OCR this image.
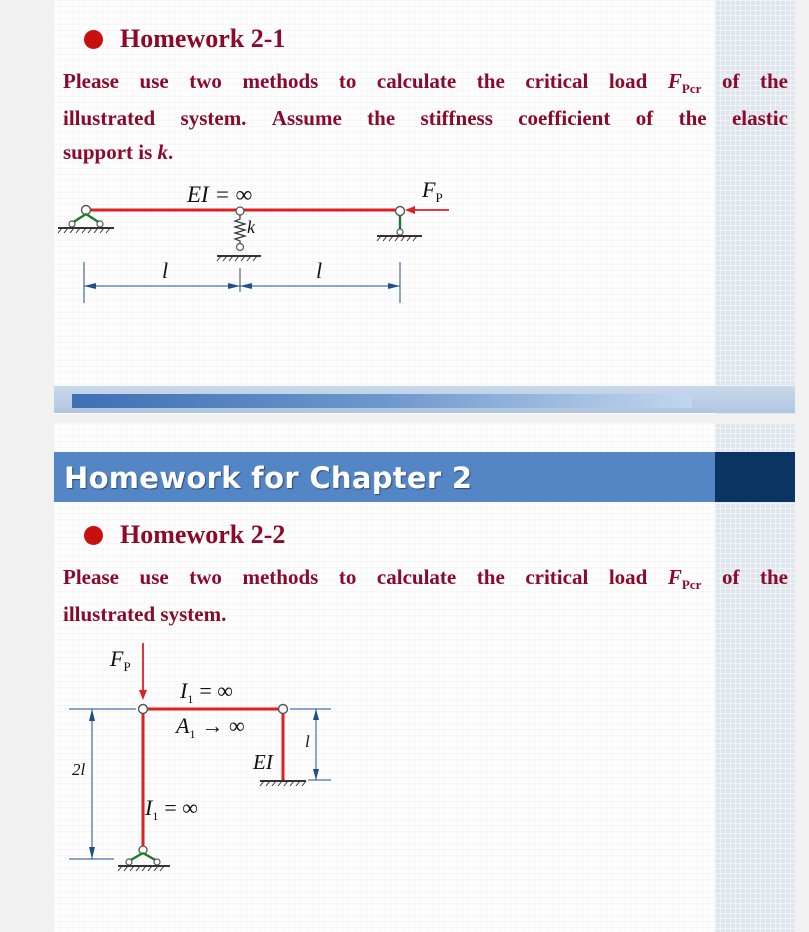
Homework 2-1
Please use two methods to calculate the critical load $F_{Pcr}$ of the
illustrated system. Assume the stiffness coefficient of the elastic
support is k.
EI = ∞	$F_P$
k
l	l
Homework for Chapter 2
Homework 2-2
Please use two methods to calculate the critical load $F_{Pcr}$ of the
illustrated system.
$F_P$
$I_1$ = ∞
$A_1$ → ∞
$I_1$ = ∞
EI
2l
l
